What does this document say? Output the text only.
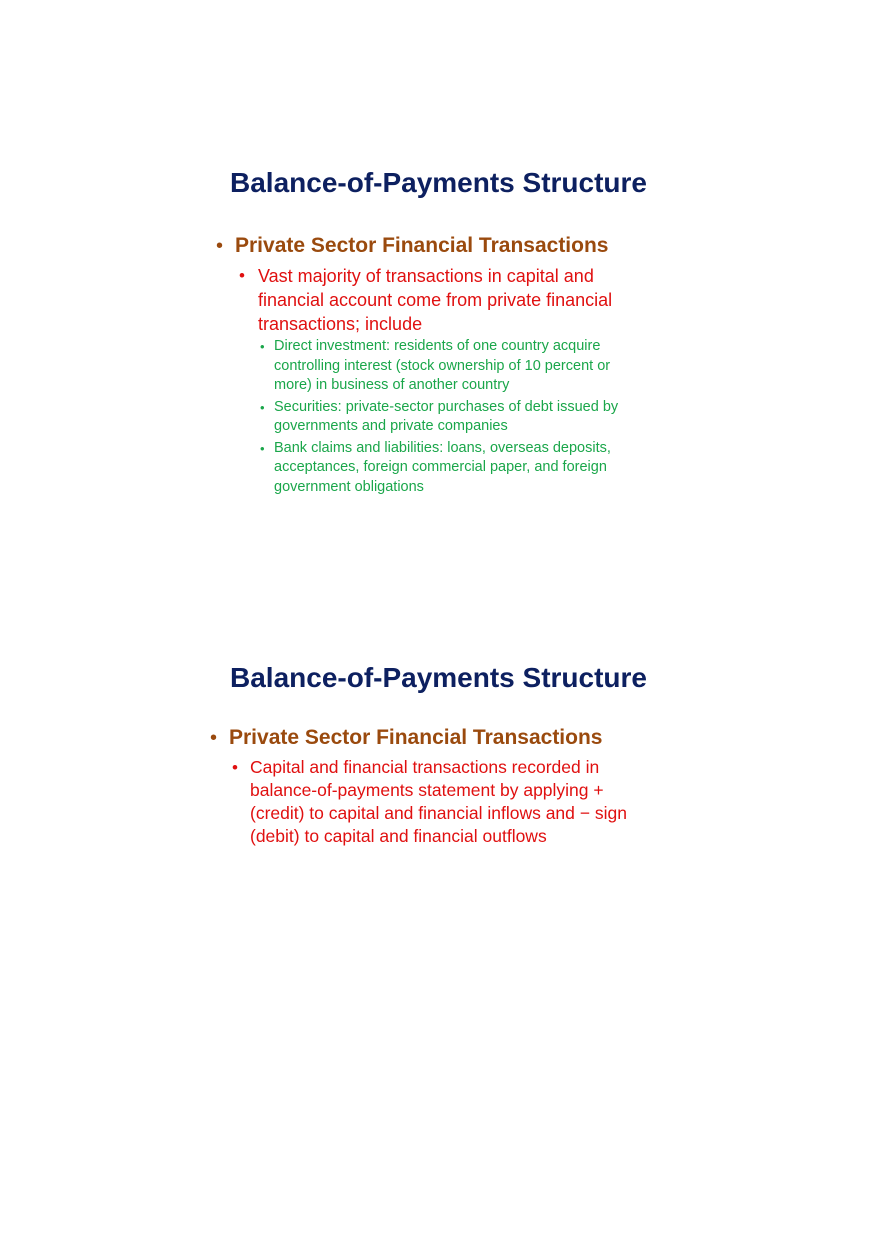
Balance-of-Payments Structure
• Private Sector Financial Transactions
• Vast majority of transactions in capital and financial account come from private financial transactions; include
• Direct investment: residents of one country acquire controlling interest (stock ownership of 10 percent or more) in business of another country
• Securities: private-sector purchases of debt issued by governments and private companies
• Bank claims and liabilities: loans, overseas deposits, acceptances, foreign commercial paper, and foreign government obligations
Balance-of-Payments Structure
• Private Sector Financial Transactions
• Capital and financial transactions recorded in balance-of-payments statement by applying + (credit) to capital and financial inflows and − sign (debit) to capital and financial outflows
